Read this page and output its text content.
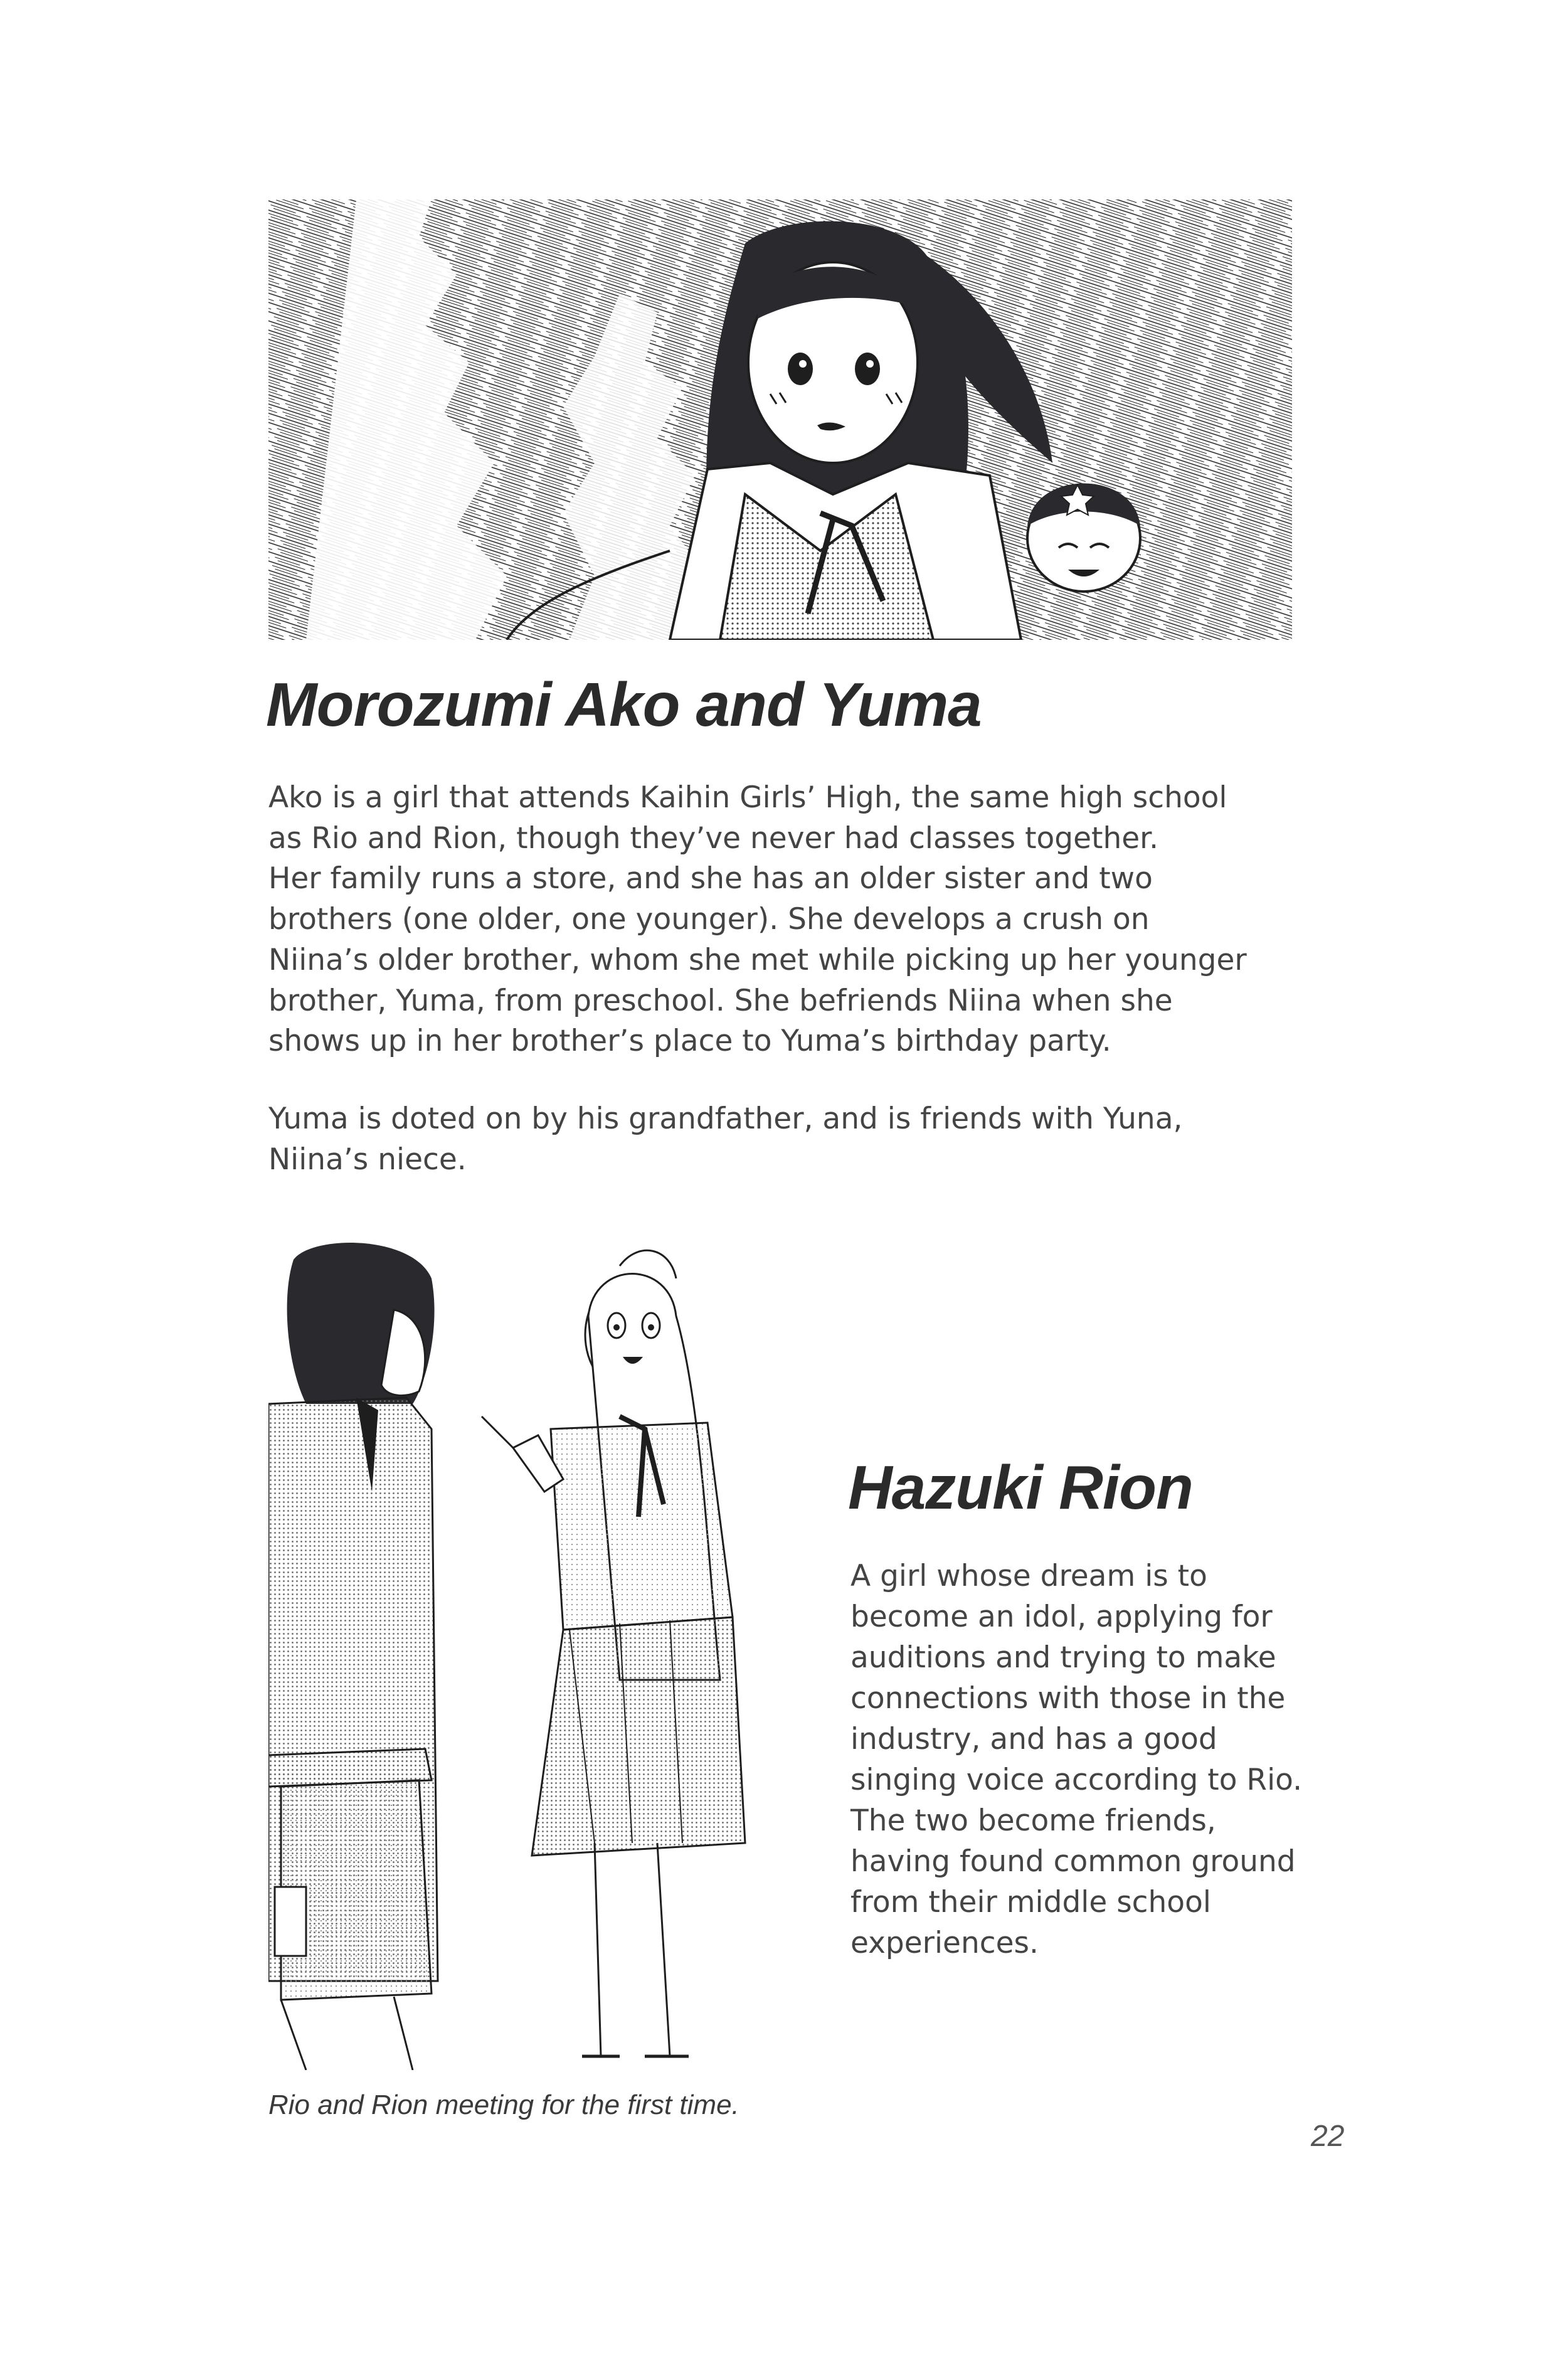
Morozumi Ako and Yuma

Ako is a girl that attends Kaihin Girls’ High, the same high school
as Rio and Rion, though they’ve never had classes together.
Her family runs a store, and she has an older sister and two
brothers (one older, one younger). She develops a crush on
Niina’s older brother, whom she met while picking up her younger
brother, Yuma, from preschool. She befriends Niina when she
shows up in her brother’s place to Yuma’s birthday party.

Yuma is doted on by his grandfather, and is friends with Yuna,
Niina’s niece.

Hazuki Rion

A girl whose dream is to
become an idol, applying for
auditions and trying to make
connections with those in the
industry, and has a good
singing voice according to Rio.
The two become friends,
having found common ground
from their middle school
experiences.

Rio and Rion meeting for the first time.

22
